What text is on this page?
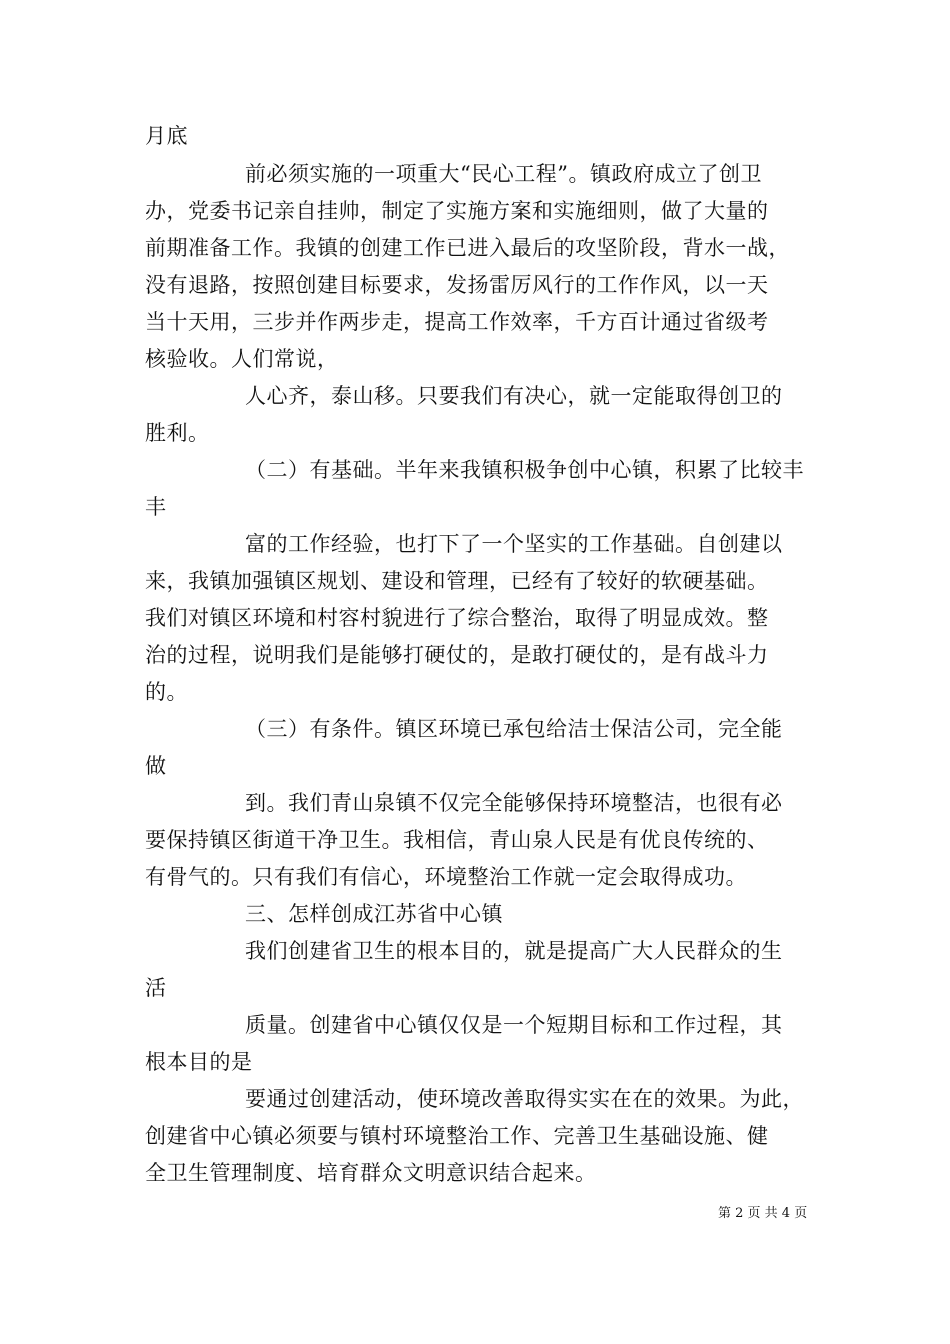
月底
前必须实施的一项重大“民心工程”。镇政府成立了创卫
办，党委书记亲自挂帅，制定了实施方案和实施细则，做了大量的
前期准备工作。我镇的创建工作已进入最后的攻坚阶段，背水一战，
没有退路，按照创建目标要求，发扬雷厉风行的工作作风，以一天
当十天用，三步并作两步走，提高工作效率，千方百计通过省级考
核验收。人们常说，
人心齐，泰山移。只要我们有决心，就一定能取得创卫的
胜利。
（二）有基础。半年来我镇积极争创中心镇，积累了比较丰
丰
富的工作经验，也打下了一个坚实的工作基础。自创建以
来，我镇加强镇区规划、建设和管理，已经有了较好的软硬基础。
我们对镇区环境和村容村貌进行了综合整治，取得了明显成效。整
治的过程，说明我们是能够打硬仗的，是敢打硬仗的，是有战斗力
的。
（三）有条件。镇区环境已承包给洁士保洁公司，完全能
做
到。我们青山泉镇不仅完全能够保持环境整洁，也很有必
要保持镇区街道干净卫生。我相信，青山泉人民是有优良传统的、
有骨气的。只有我们有信心，环境整治工作就一定会取得成功。
三、怎样创成江苏省中心镇
我们创建省卫生的根本目的，就是提高广大人民群众的生
活
质量。创建省中心镇仅仅是一个短期目标和工作过程，其
根本目的是
要通过创建活动，使环境改善取得实实在在的效果。为此，
创建省中心镇必须要与镇村环境整治工作、完善卫生基础设施、健
全卫生管理制度、培育群众文明意识结合起来。
第 2 页 共 4 页
